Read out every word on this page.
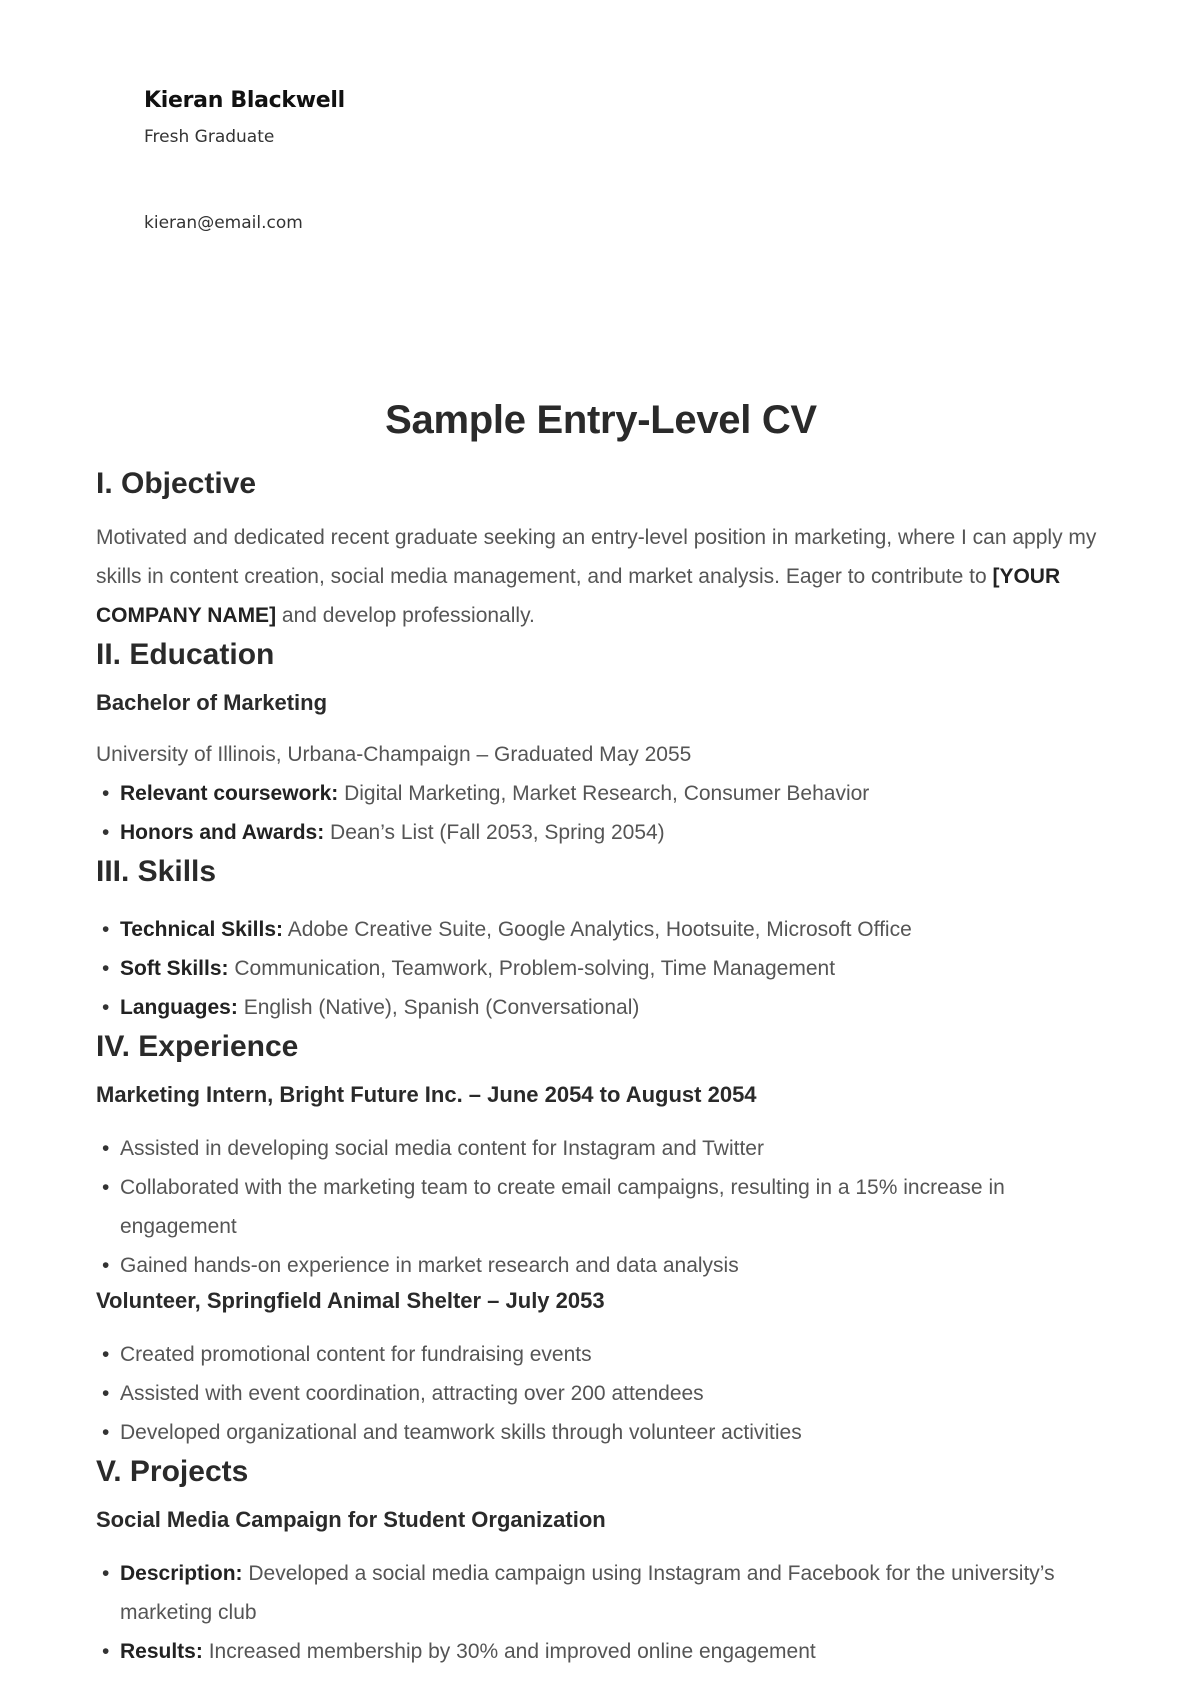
Kieran Blackwell
Fresh Graduate
kieran@email.com
Sample Entry-Level CV
I. Objective

Motivated and dedicated recent graduate seeking an entry-level position in marketing, where I can apply my skills in content creation, social media management, and market analysis. Eager to contribute to [YOUR COMPANY NAME] and develop professionally.

II. Education
Bachelor of Marketing

University of Illinois, Urbana-Champaign – Graduated May 2055

• Relevant coursework: Digital Marketing, Market Research, Consumer Behavior
• Honors and Awards: Dean’s List (Fall 2053, Spring 2054)
III. Skills
• Technical Skills: Adobe Creative Suite, Google Analytics, Hootsuite, Microsoft Office
• Soft Skills: Communication, Teamwork, Problem-solving, Time Management
• Languages: English (Native), Spanish (Conversational)
IV. Experience
Marketing Intern, Bright Future Inc. – June 2054 to August 2054
• Assisted in developing social media content for Instagram and Twitter
• Collaborated with the marketing team to create email campaigns, resulting in a 15% increase in engagement
• Gained hands-on experience in market research and data analysis
Volunteer, Springfield Animal Shelter – July 2053
• Created promotional content for fundraising events
• Assisted with event coordination, attracting over 200 attendees
• Developed organizational and teamwork skills through volunteer activities
V. Projects
Social Media Campaign for Student Organization
• Description: Developed a social media campaign using Instagram and Facebook for the university’s marketing club
• Results: Increased membership by 30% and improved online engagement
